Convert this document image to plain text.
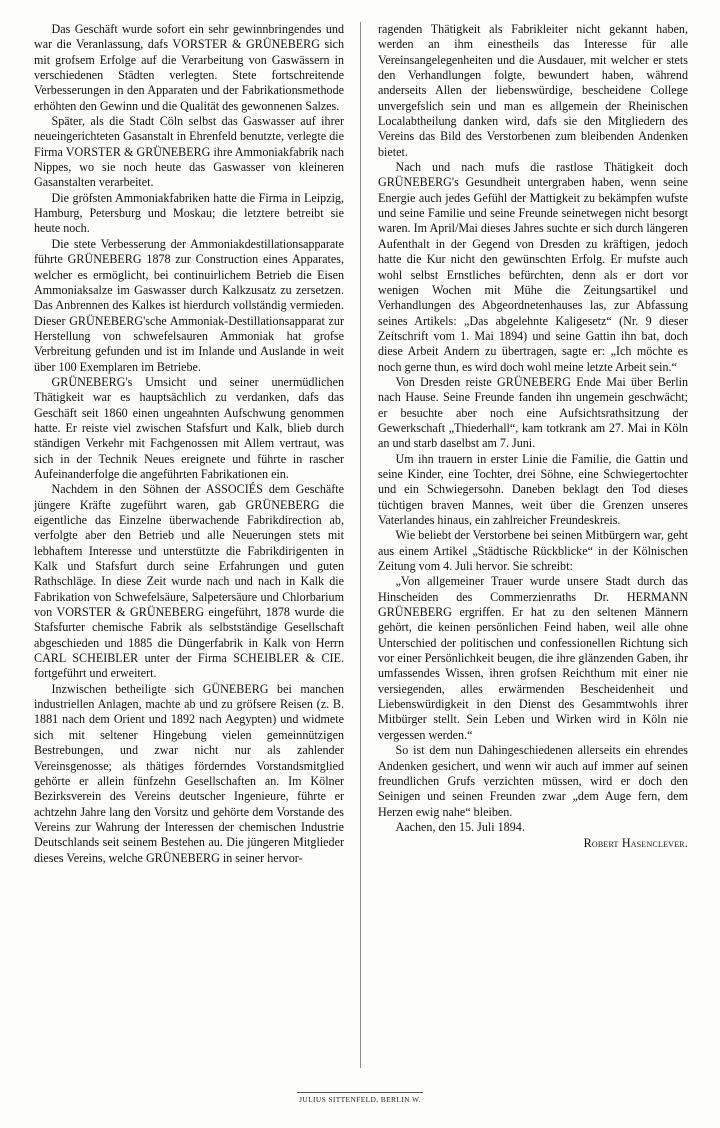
Das Geschäft wurde sofort ein sehr gewinnbringendes und war die Veranlassung, dafs VORSTER & GRÜNEBERG sich mit grofsem Erfolge auf die Verarbeitung von Gaswässern in verschiedenen Städten verlegten. Stete fortschreitende Verbesserungen in den Apparaten und der Fabrikationsmethode erhöhten den Gewinn und die Qualität des gewonnenen Salzes.

Später, als die Stadt Cöln selbst das Gaswasser auf ihrer neueingerichteten Gasanstalt in Ehrenfeld benutzte, verlegte die Firma VORSTER & GRÜNEBERG ihre Ammoniakfabrik nach Nippes, wo sie noch heute das Gaswasser von kleineren Gasanstalten verarbeitet.

Die gröfsten Ammoniakfabriken hatte die Firma in Leipzig, Hamburg, Petersburg und Moskau; die letztere betreibt sie heute noch.

Die stete Verbesserung der Ammoniakdestillationsapparate führte GRÜNEBERG 1878 zur Construction eines Apparates, welcher es ermöglicht, bei continuirlichem Betrieb die Eisen Ammoniaksalze im Gaswasser durch Kalkzusatz zu zersetzen. Das Anbrennen des Kalkes ist hierdurch vollständig vermieden. Dieser GRÜNEBERG'sche Ammoniak-Destillationsapparat zur Herstellung von schwefelsauren Ammoniak hat grofse Verbreitung gefunden und ist im Inlande und Auslande in weit über 100 Exemplaren im Betriebe.

GRÜNEBERG's Umsicht und seiner unermüdlichen Thätigkeit war es hauptsächlich zu verdanken, dafs das Geschäft seit 1860 einen ungeahnten Aufschwung genommen hatte. Er reiste viel zwischen Stafsfurt und Kalk, blieb durch ständigen Verkehr mit Fachgenossen mit Allem vertraut, was sich in der Technik Neues ereignete und führte in rascher Aufeinanderfolge die angeführten Fabrikationen ein.

Nachdem in den Söhnen der ASSOCIÉS dem Geschäfte jüngere Kräfte zugeführt waren, gab GRÜNEBERG die eigentliche das Einzelne überwachende Fabrikdirection ab, verfolgte aber den Betrieb und alle Neuerungen stets mit lebhaftem Interesse und unterstützte die Fabrikdirigenten in Kalk und Stafsfurt durch seine Erfahrungen und guten Rathschläge. In diese Zeit wurde nach und nach in Kalk die Fabrikation von Schwefelsäure, Salpetersäure und Chlorbarium von VORSTER & GRÜNEBERG eingeführt, 1878 wurde die Stafsfurter chemische Fabrik als selbstständige Gesellschaft abgeschieden und 1885 die Düngerfabrik in Kalk von Herrn CARL SCHEIBLER unter der Firma SCHEIBLER & CIE. fortgeführt und erweitert.

Inzwischen betheiligte sich GÜNEBERG bei manchen industriellen Anlagen, machte ab und zu gröfsere Reisen (z. B. 1881 nach dem Orient und 1892 nach Aegypten) und widmete sich mit seltener Hingebung vielen gemeinnützigen Bestrebungen, und zwar nicht nur als zahlender Vereinsgenosse; als thätiges förderndes Vorstandsmitglied gehörte er allein fünfzehn Gesellschaften an. Im Kölner Bezirksverein des Vereins deutscher Ingenieure, führte er achtzehn Jahre lang den Vorsitz und gehörte dem Vorstande des Vereins zur Wahrung der Interessen der chemischen Industrie Deutschlands seit seinem Bestehen au. Die jüngeren Mitglieder dieses Vereins, welche GRÜNEBERG in seiner hervor-

ragenden Thätigkeit als Fabrikleiter nicht gekannt haben, werden an ihm einestheils das Interesse für alle Vereinsangelegenheiten und die Ausdauer, mit welcher er stets den Verhandlungen folgte, bewundert haben, während anderseits Allen der liebenswürdige, bescheidene College unvergefslich sein und man es allgemein der Rheinischen Localabtheilung danken wird, dafs sie den Mitgliedern des Vereins das Bild des Verstorbenen zum bleibenden Andenken bietet.

Nach und nach mufs die rastlose Thätigkeit doch GRÜNEBERG's Gesundheit untergraben haben, wenn seine Energie auch jedes Gefühl der Mattigkeit zu bekämpfen wufste und seine Familie und seine Freunde seinetwegen nicht besorgt waren. Im April/Mai dieses Jahres suchte er sich durch längeren Aufenthalt in der Gegend von Dresden zu kräftigen, jedoch hatte die Kur nicht den gewünschten Erfolg. Er mufste auch wohl selbst Ernstliches befürchten, denn als er dort vor wenigen Wochen mit Mühe die Zeitungsartikel und Verhandlungen des Abgeordnetenhauses las, zur Abfassung seines Artikels: „Das abgelehnte Kaligesetz“ (Nr. 9 dieser Zeitschrift vom 1. Mai 1894) und seine Gattin ihn bat, doch diese Arbeit Andern zu übertragen, sagte er: „Ich möchte es noch gerne thun, es wird doch wohl meine letzte Arbeit sein.“

Von Dresden reiste GRÜNEBERG Ende Mai über Berlin nach Hause. Seine Freunde fanden ihn ungemein geschwächt; er besuchte aber noch eine Aufsichtsrathsitzung der Gewerkschaft „Thiederhall“, kam totkrank am 27. Mai in Köln an und starb daselbst am 7. Juni.

Um ihn trauern in erster Linie die Familie, die Gattin und seine Kinder, eine Tochter, drei Söhne, eine Schwiegertochter und ein Schwiegersohn. Daneben beklagt den Tod dieses tüchtigen braven Mannes, weit über die Grenzen unseres Vaterlandes hinaus, ein zahlreicher Freundeskreis.

Wie beliebt der Verstorbene bei seinen Mitbürgern war, geht aus einem Artikel „Städtische Rückblicke“ in der Kölnischen Zeitung vom 4. Juli hervor. Sie schreibt:

„Von allgemeiner Trauer wurde unsere Stadt durch das Hinscheiden des Commerzienraths Dr. HERMANN GRÜNEBERG ergriffen. Er hat zu den seltenen Männern gehört, die keinen persönlichen Feind haben, weil alle ohne Unterschied der politischen und confessionellen Richtung sich vor einer Persönlichkeit beugen, die ihre glänzenden Gaben, ihr umfassendes Wissen, ihren grofsen Reichthum mit einer nie versiegenden, alles erwärmenden Bescheidenheit und Liebenswürdigkeit in den Dienst des Gesammtwohls ihrer Mitbürger stellt. Sein Leben und Wirken wird in Köln nie vergessen werden.“

So ist dem nun Dahingeschiedenen allerseits ein ehrendes Andenken gesichert, und wenn wir auch auf immer auf seinen freundlichen Grufs verzichten müssen, wird er doch den Seinigen und seinen Freunden zwar „dem Auge fern, dem Herzen ewig nahe“ bleiben.

Aachen, den 15. Juli 1894.

Robert Hasenclever.

JULIUS SITTENFELD, BERLIN W.
